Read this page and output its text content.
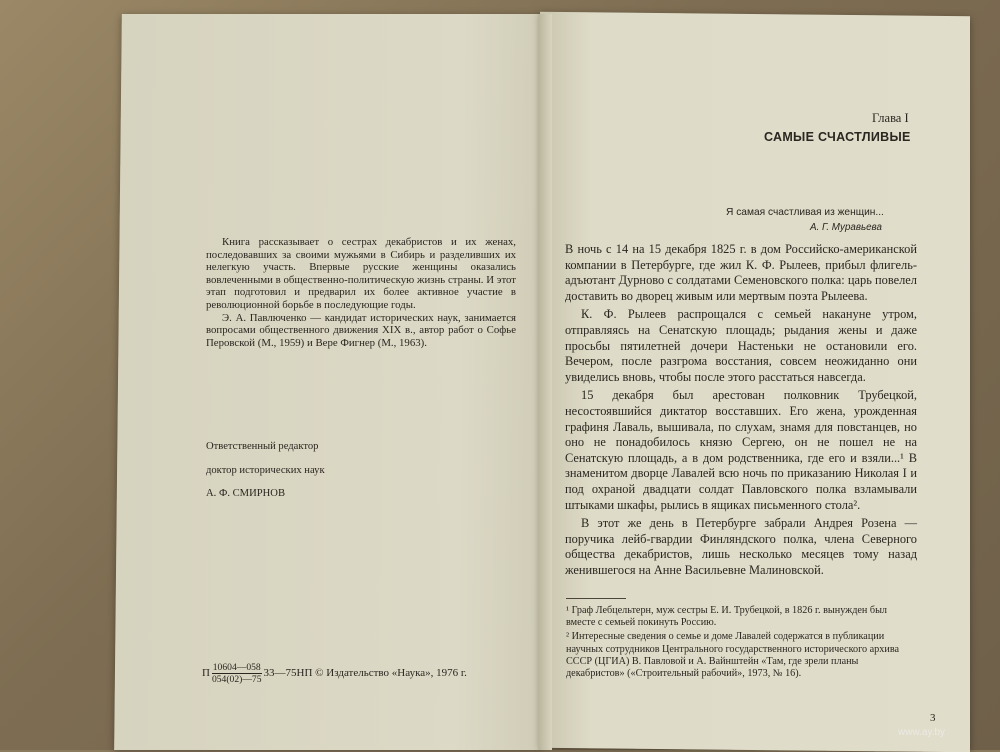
Книга рассказывает о сестрах декабристов и их женах, последовавших за своими мужьями в Сибирь и разделивших их нелегкую участь. Впервые русские женщины оказались вовлеченными в общественно-политическую жизнь страны. И этот этап подготовил и предварил их более активное участие в революционной борьбе в последующие годы.

Э. А. Павлюченко — кандидат исторических наук, занимается вопросами общественного движения XIX в., автор работ о Софье Перовской (М., 1959) и Вере Фигнер (М., 1963).

Ответственный редактор
доктор исторических наук
А. Ф. СМИРНОВ
П $\frac{10604—058}{054(02)—75}$ 33—75НП © Издательство «Наука», 1976 г.
Глава I
САМЫЕ СЧАСТЛИВЫЕ
Я самая счастливая из женщин...
А. Г. Муравьева

В ночь с 14 на 15 декабря 1825 г. в дом Российско-американской компании в Петербурге, где жил К. Ф. Рылеев, прибыл флигель-адъютант Дурново с солдатами Семеновского полка: царь повелел доставить во дворец живым или мертвым поэта Рылеева.

К. Ф. Рылеев распрощался с семьей накануне утром, отправляясь на Сенатскую площадь; рыдания жены и даже просьбы пятилетней дочери Настеньки не остановили его. Вечером, после разгрома восстания, совсем неожиданно они увиделись вновь, чтобы после этого расстаться навсегда.

15 декабря был арестован полковник Трубецкой, несостоявшийся диктатор восставших. Его жена, урожденная графиня Лаваль, вышивала, по слухам, знамя для повстанцев, но оно не понадобилось князю Сергею, он не пошел не на Сенатскую площадь, а в дом родственника, где его и взяли...¹ В знаменитом дворце Лавалей всю ночь по приказанию Николая I и под охраной двадцати солдат Павловского полка взламывали штыками шкафы, рылись в ящиках письменного стола².

В этот же день в Петербурге забрали Андрея Розена — поручика лейб-гвардии Финляндского полка, члена Северного общества декабристов, лишь несколько месяцев тому назад женившегося на Анне Васильевне Малиновской.

¹ Граф Лебцельтерн, муж сестры Е. И. Трубецкой, в 1826 г. вынужден был вместе с семьей покинуть Россию.

² Интересные сведения о семье и доме Лавалей содержатся в публикации научных сотрудников Центрального государственного исторического архива СССР (ЦГИА) В. Павловой и А. Вайнштейн «Там, где зрели планы декабристов» («Строительный рабочий», 1973, № 16).

3
www.ay.by
